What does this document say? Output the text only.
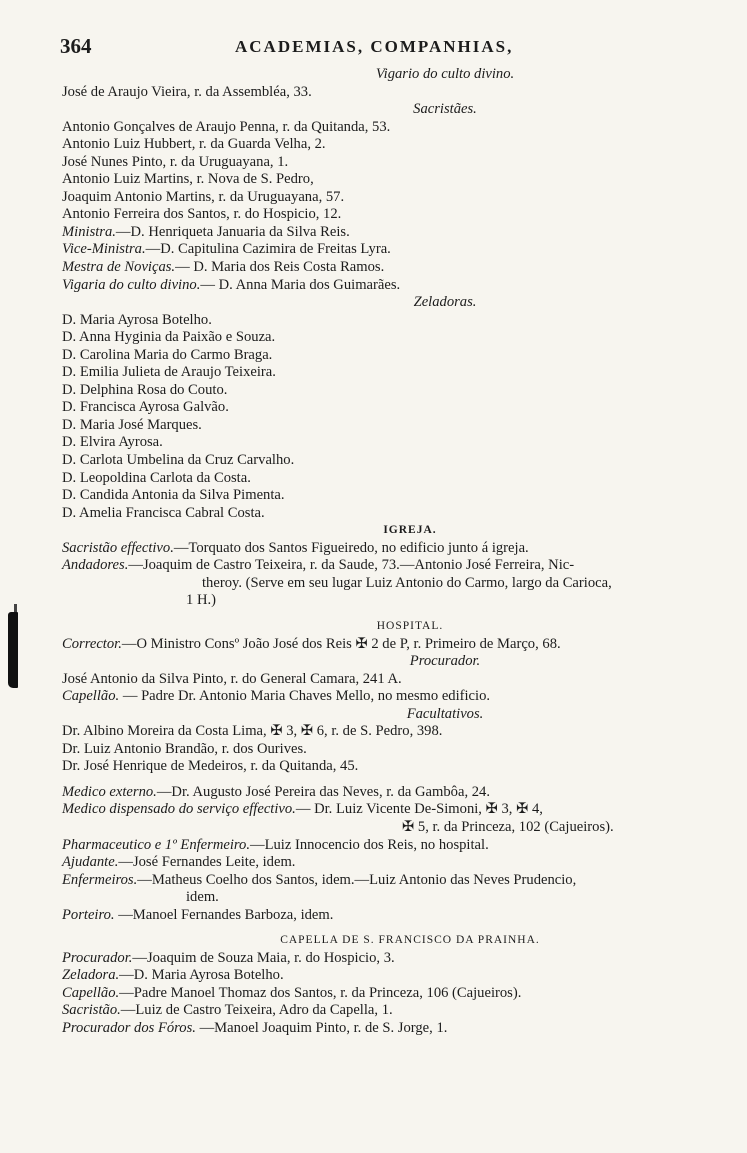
364	ACADEMIAS, COMPANHIAS,
Vigario do culto divino.
José de Araujo Vieira, r. da Assembléa, 33.
Sacristães.
Antonio Gonçalves de Araujo Penna, r. da Quitanda, 53.
Antonio Luiz Hubbert, r. da Guarda Velha, 2.
José Nunes Pinto, r. da Uruguayana, 1.
Antonio Luiz Martins, r. Nova de S. Pedro,
Joaquim Antonio Martins, r. da Uruguayana, 57.
Antonio Ferreira dos Santos, r. do Hospicio, 12.
Ministra.—D. Henriqueta Januaria da Silva Reis.
Vice-Ministra.—D. Capitulina Cazimira de Freitas Lyra.
Mestra de Noviças.— D. Maria dos Reis Costa Ramos.
Vigaria do culto divino.— D. Anna Maria dos Guimarães.
Zeladoras.
D. Maria Ayrosa Botelho.
D. Anna Hyginia da Paixão e Souza.
D. Carolina Maria do Carmo Braga.
D. Emilia Julieta de Araujo Teixeira.
D. Delphina Rosa do Couto.
D. Francisca Ayrosa Galvão.
D. Maria José Marques.
D. Elvira Ayrosa.
D. Carlota Umbelina da Cruz Carvalho.
D. Leopoldina Carlota da Costa.
D. Candida Antonia da Silva Pimenta.
D. Amelia Francisca Cabral Costa.
IGREJA.
Sacristão effectivo.—Torquato dos Santos Figueiredo, no edificio junto á igreja.
Andadores.—Joaquim de Castro Teixeira, r. da Saude, 73.—Antonio José Ferreira, Nic-
theroy. (Serve em seu lugar Luiz Antonio do Carmo, largo da Carioca,
1 H.)
HOSPITAL.
Corrector.—O Ministro Consº João José dos Reis ✠ 2 de P, r. Primeiro de Março, 68.
Procurador.
José Antonio da Silva Pinto, r. do General Camara, 241 A.
Capellão. — Padre Dr. Antonio Maria Chaves Mello, no mesmo edificio.
Facultativos.
Dr. Albino Moreira da Costa Lima, ✠ 3, ✠ 6, r. de S. Pedro, 398.
Dr. Luiz Antonio Brandão, r. dos Ourives.
Dr. José Henrique de Medeiros, r. da Quitanda, 45.
Medico externo.—Dr. Augusto José Pereira das Neves, r. da Gambôa, 24.
Medico dispensado do serviço effectivo.— Dr. Luiz Vicente De-Simoni, ✠ 3, ✠ 4,
✠ 5, r. da Princeza, 102 (Cajueiros).
Pharmaceutico e 1º Enfermeiro.—Luiz Innocencio dos Reis, no hospital.
Ajudante.—José Fernandes Leite, idem.
Enfermeiros.—Matheus Coelho dos Santos, idem.—Luiz Antonio das Neves Prudencio,
idem.
Porteiro. —Manoel Fernandes Barboza, idem.
CAPELLA DE S. FRANCISCO DA PRAINHA.
Procurador.—Joaquim de Souza Maia, r. do Hospicio, 3.
Zeladora.—D. Maria Ayrosa Botelho.
Capellão.—Padre Manoel Thomaz dos Santos, r. da Princeza, 106 (Cajueiros).
Sacristão.—Luiz de Castro Teixeira, Adro da Capella, 1.
Procurador dos Fóros. —Manoel Joaquim Pinto, r. de S. Jorge, 1.
